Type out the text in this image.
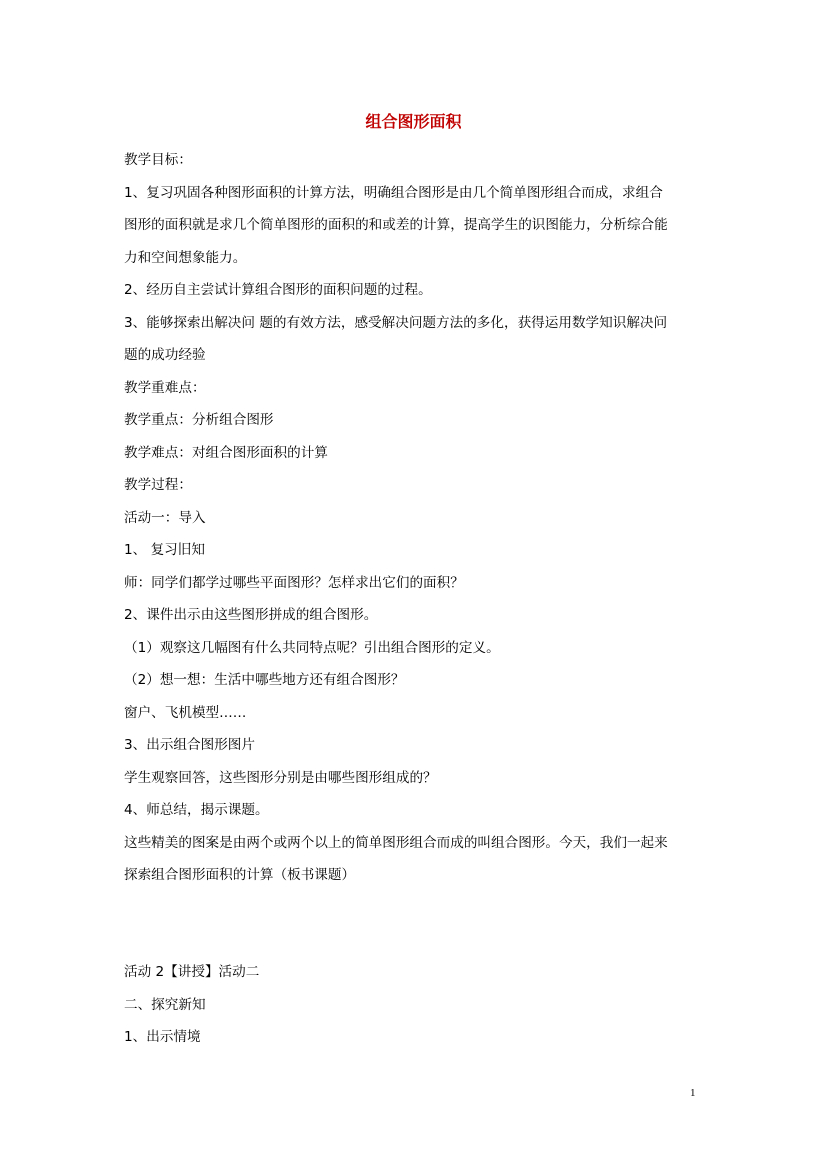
组合图形面积

教学目标：

1、复习巩固各种图形面积的计算方法，明确组合图形是由几个简单图形组合而成，求组合

图形的面积就是求几个简单图形的面积的和或差的计算，提高学生的识图能力，分析综合能

力和空间想象能力。

2、经历自主尝试计算组合图形的面积问题的过程。

3、能够探索出解决问 题的有效方法，感受解决问题方法的多化，获得运用数学知识解决问

题的成功经验

教学重难点：

教学重点：分析组合图形

教学难点：对组合图形面积的计算

教学过程：

活动一：导入

1、 复习旧知

师：同学们都学过哪些平面图形？怎样求出它们的面积？

2、课件出示由这些图形拼成的组合图形。

（1）观察这几幅图有什么共同特点呢？引出组合图形的定义。

（2）想一想：生活中哪些地方还有组合图形？

窗户、飞机模型……

3、出示组合图形图片

学生观察回答，这些图形分别是由哪些图形组成的？

4、师总结，揭示课题。

这些精美的图案是由两个或两个以上的简单图形组合而成的叫组合图形。今天，我们一起来

探索组合图形面积的计算（板书课题）

活动 2【讲授】活动二

二、探究新知

1、出示情境

1
